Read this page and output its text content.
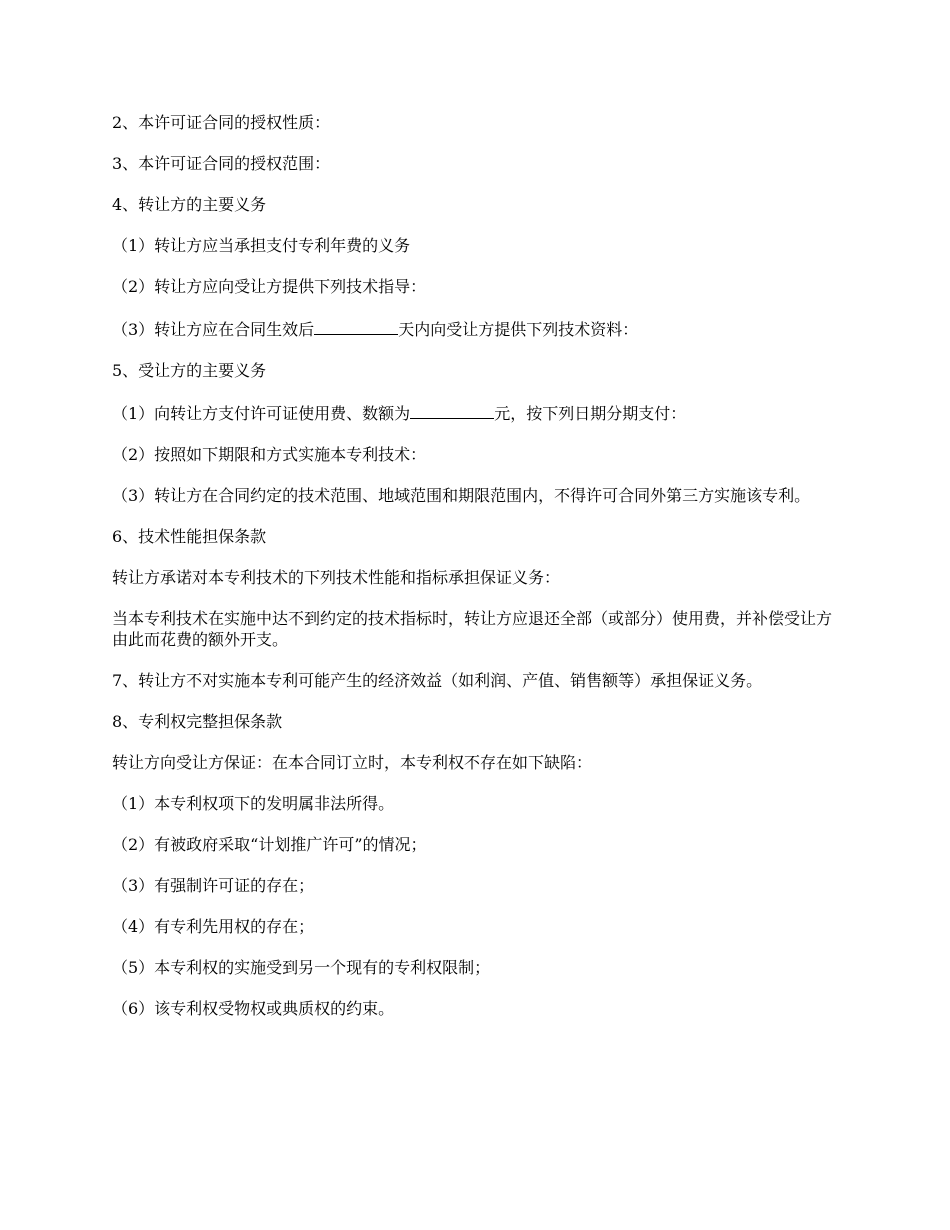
2、本许可证合同的授权性质：

3、本许可证合同的授权范围：

4、转让方的主要义务

（1）转让方应当承担支付专利年费的义务

（2）转让方应向受让方提供下列技术指导：

（3）转让方应在合同生效后	天内向受让方提供下列技术资料：

5、受让方的主要义务

（1）向转让方支付许可证使用费、数额为	元，按下列日期分期支付：

（2）按照如下期限和方式实施本专利技术：

（3）转让方在合同约定的技术范围、地域范围和期限范围内，不得许可合同外第三方实施该专利。

6、技术性能担保条款

转让方承诺对本专利技术的下列技术性能和指标承担保证义务：

当本专利技术在实施中达不到约定的技术指标时，转让方应退还全部（或部分）使用费，并补偿受让方由此而花费的额外开支。

7、转让方不对实施本专利可能产生的经济效益（如利润、产值、销售额等）承担保证义务。

8、专利权完整担保条款

转让方向受让方保证：在本合同订立时，本专利权不存在如下缺陷：

（1）本专利权项下的发明属非法所得。

（2）有被政府采取“计划推广许可”的情况；

（3）有强制许可证的存在；

（4）有专利先用权的存在；

（5）本专利权的实施受到另一个现有的专利权限制；

（6）该专利权受物权或典质权的约束。
